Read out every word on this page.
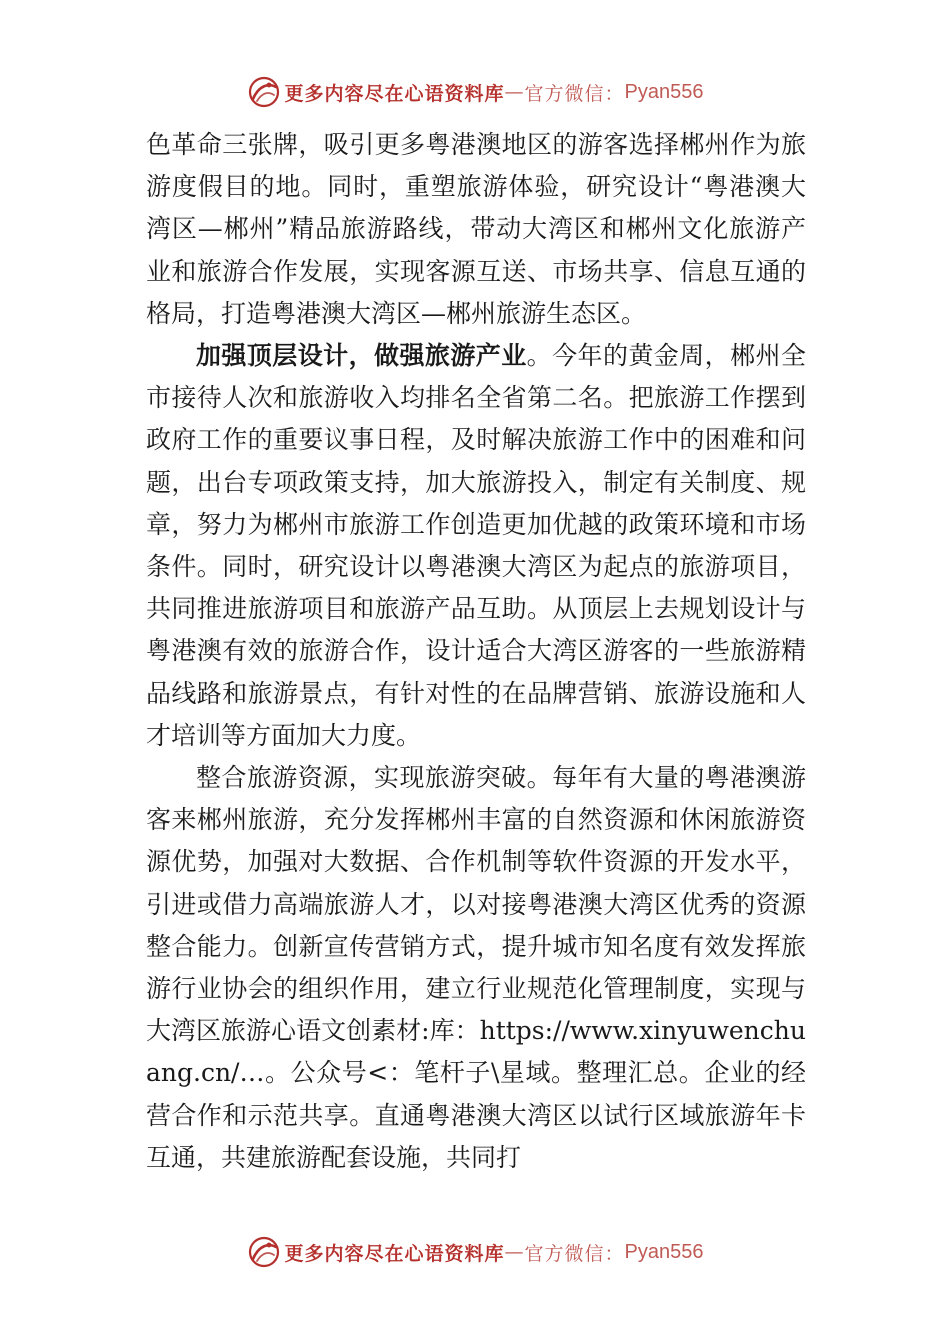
更多内容尽在心语资料库 — 官方微信： Pyan556

色革命三张牌，吸引更多粤港澳地区的游客选择郴州作为旅游度假目的地。同时，重塑旅游体验，研究设计“粤港澳大湾区—郴州”精品旅游路线，带动大湾区和郴州文化旅游产业和旅游合作发展，实现客源互送、市场共享、信息互通的格局，打造粤港澳大湾区—郴州旅游生态区。

加强顶层设计，做强旅游产业。今年的黄金周，郴州全市接待人次和旅游收入均排名全省第二名。把旅游工作摆到政府工作的重要议事日程，及时解决旅游工作中的困难和问题，出台专项政策支持，加大旅游投入，制定有关制度、规章，努力为郴州市旅游工作创造更加优越的政策环境和市场条件。同时，研究设计以粤港澳大湾区为起点的旅游项目，共同推进旅游项目和旅游产品互助。从顶层上去规划设计与粤港澳有效的旅游合作，设计适合大湾区游客的一些旅游精品线路和旅游景点，有针对性的在品牌营销、旅游设施和人才培训等方面加大力度。

整合旅游资源，实现旅游突破。每年有大量的粤港澳游客来郴州旅游，充分发挥郴州丰富的自然资源和休闲旅游资源优势，加强对大数据、合作机制等软件资源的开发水平， 引进或借力高端旅游人才，以对接粤港澳大湾区优秀的资源整合能力。创新宣传营销方式，提升城市知名度有效发挥旅游行业协会的组织作用，建立行业规范化管理制度，实现与大湾区旅游心语文创素材:库：https://www.xinyuwenchuang.cn/…。公众号<：笔杆子\星域。整理汇总。企业的经营合作和示范共享。直通粤港澳大湾区以试行区域旅游年卡互通，共建旅游配套设施，共同打

更多内容尽在心语资料库 — 官方微信： Pyan556
